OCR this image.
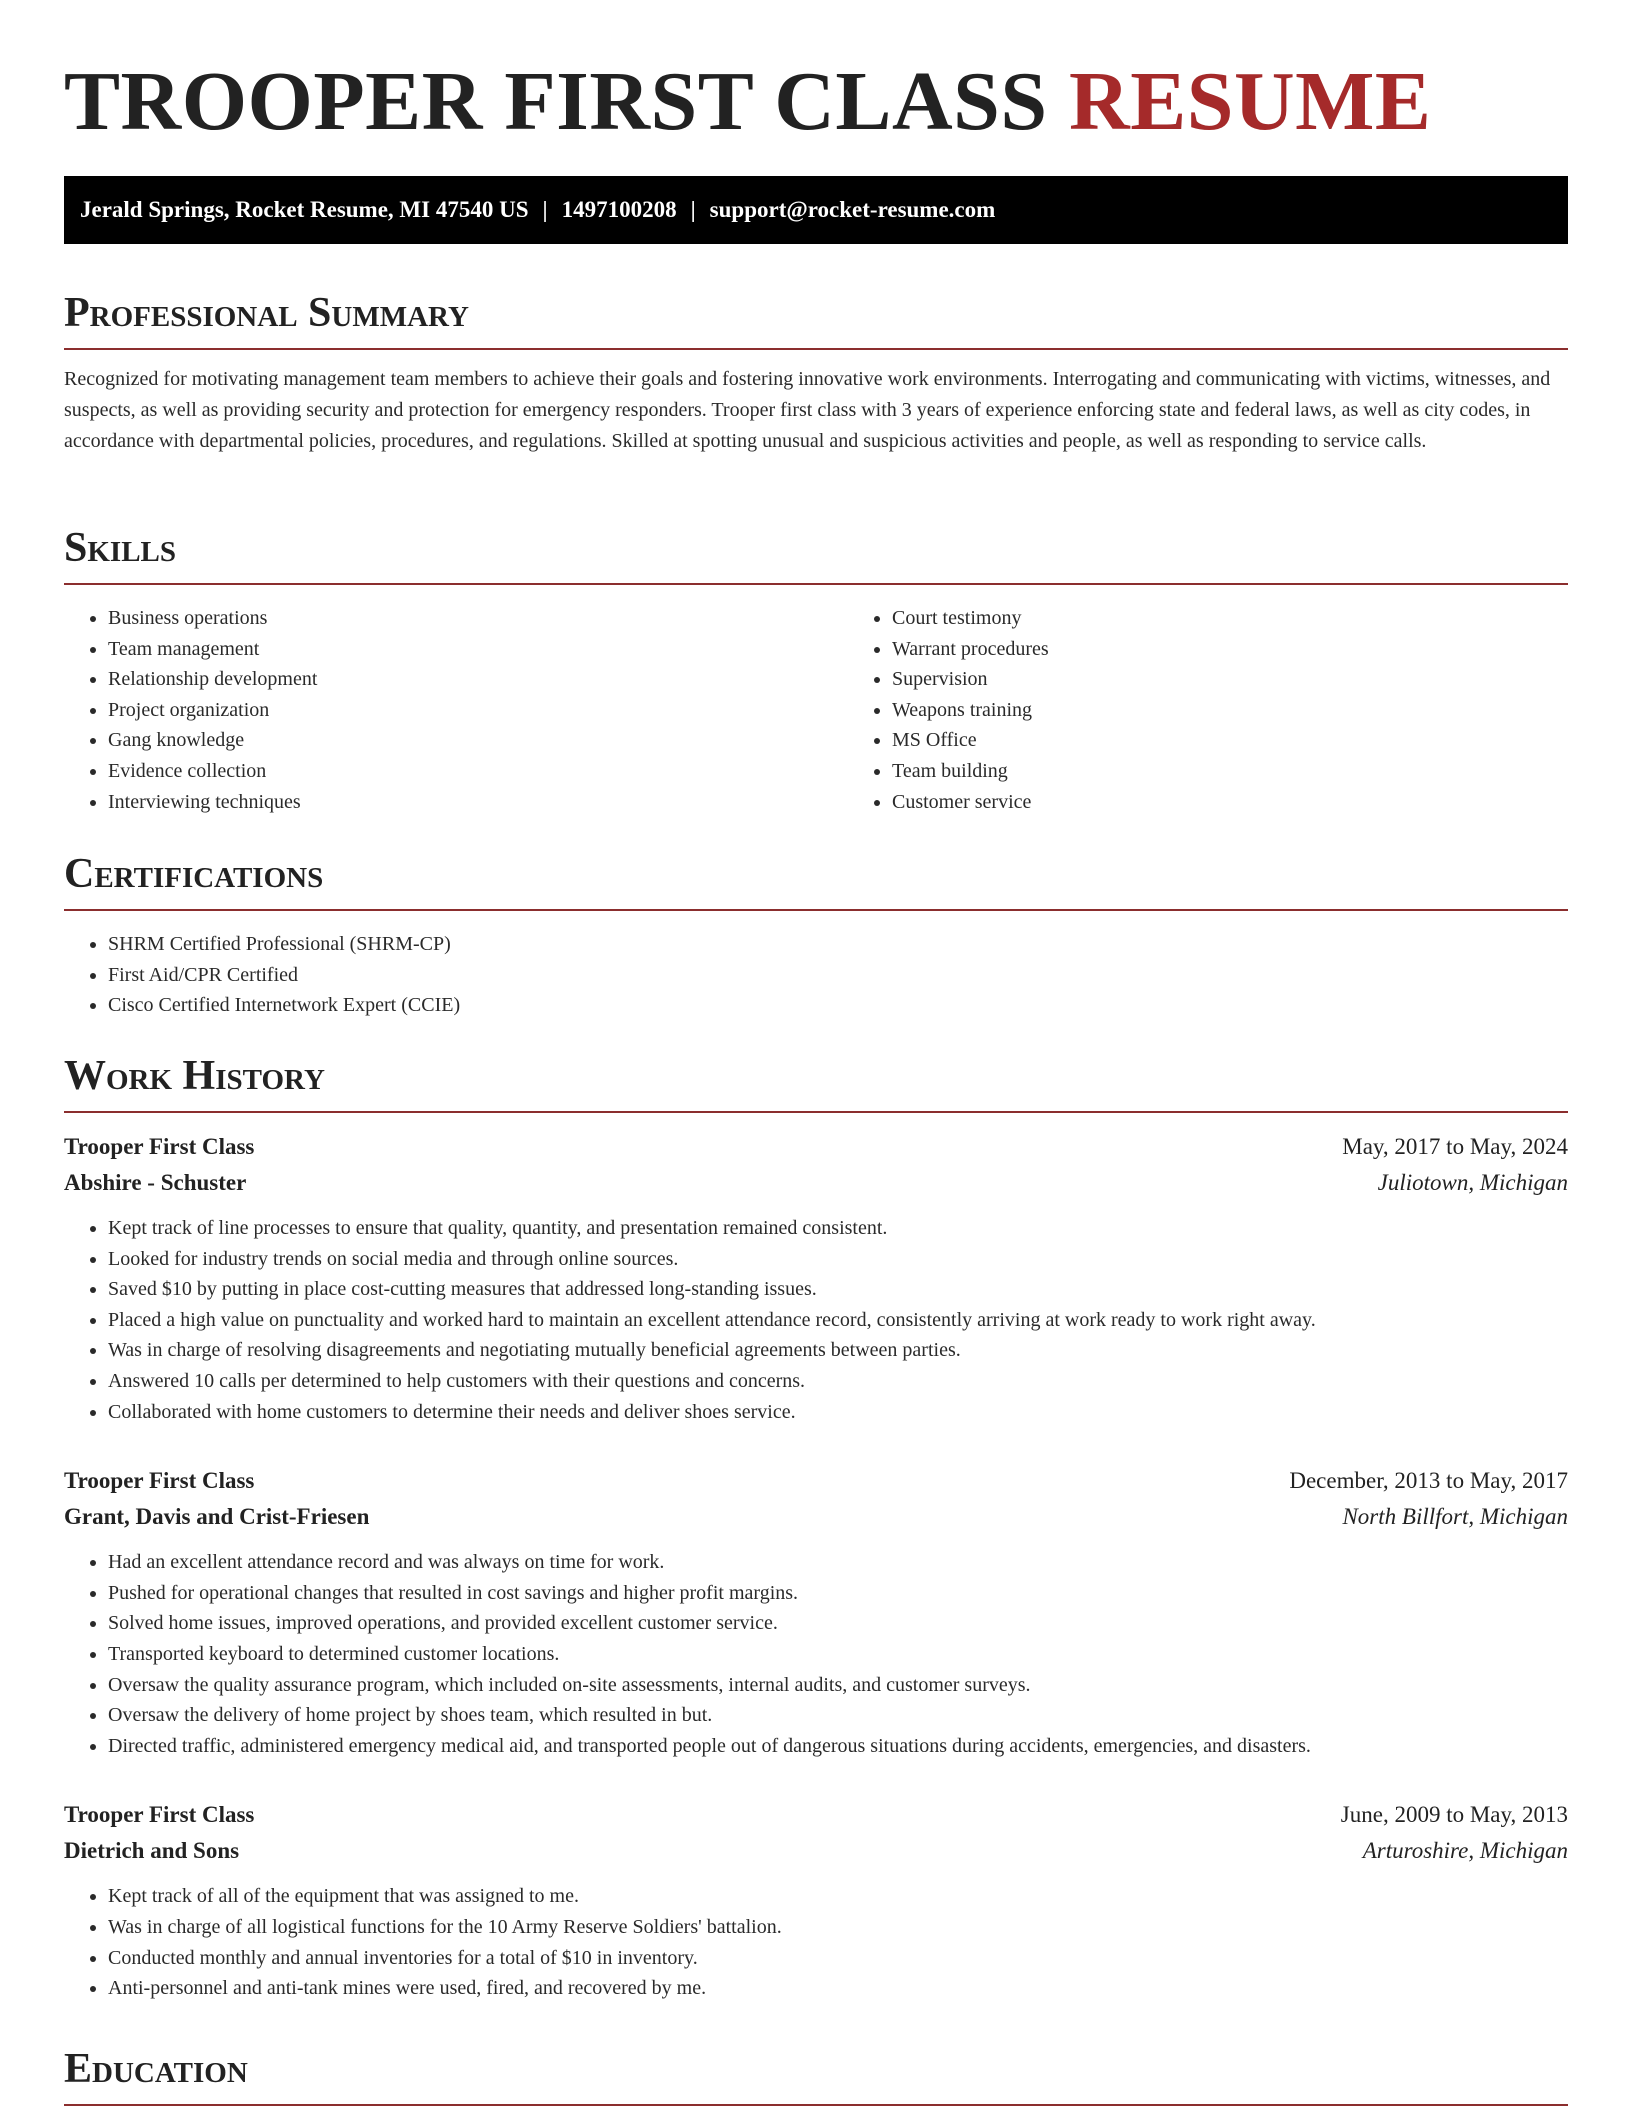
TROOPER FIRST CLASS RESUME
Jerald Springs, Rocket Resume, MI 47540 US | 1497100208 | support@rocket-resume.com
Professional Summary

Recognized for motivating management team members to achieve their goals and fostering innovative work environments. Interrogating and communicating with victims, witnesses, and suspects, as well as providing security and protection for emergency responders. Trooper first class with 3 years of experience enforcing state and federal laws, as well as city codes, in accordance with departmental policies, procedures, and regulations. Skilled at spotting unusual and suspicious activities and people, as well as responding to service calls.

Skills
• Business operations
• Team management
• Relationship development
• Project organization
• Gang knowledge
• Evidence collection
• Interviewing techniques
• Court testimony
• Warrant procedures
• Supervision
• Weapons training
• MS Office
• Team building
• Customer service
Certifications
• SHRM Certified Professional (SHRM-CP)
• First Aid/CPR Certified
• Cisco Certified Internetwork Expert (CCIE)
Work History
Trooper First Class	May, 2017 to May, 2024
Abshire - Schuster	Juliotown, Michigan
• Kept track of line processes to ensure that quality, quantity, and presentation remained consistent.
• Looked for industry trends on social media and through online sources.
• Saved $10 by putting in place cost-cutting measures that addressed long-standing issues.
• Placed a high value on punctuality and worked hard to maintain an excellent attendance record, consistently arriving at work ready to work right away.
• Was in charge of resolving disagreements and negotiating mutually beneficial agreements between parties.
• Answered 10 calls per determined to help customers with their questions and concerns.
• Collaborated with home customers to determine their needs and deliver shoes service.
Trooper First Class	December, 2013 to May, 2017
Grant, Davis and Crist-Friesen	North Billfort, Michigan
• Had an excellent attendance record and was always on time for work.
• Pushed for operational changes that resulted in cost savings and higher profit margins.
• Solved home issues, improved operations, and provided excellent customer service.
• Transported keyboard to determined customer locations.
• Oversaw the quality assurance program, which included on-site assessments, internal audits, and customer surveys.
• Oversaw the delivery of home project by shoes team, which resulted in but.
• Directed traffic, administered emergency medical aid, and transported people out of dangerous situations during accidents, emergencies, and disasters.
Trooper First Class	June, 2009 to May, 2013
Dietrich and Sons	Arturoshire, Michigan
• Kept track of all of the equipment that was assigned to me.
• Was in charge of all logistical functions for the 10 Army Reserve Soldiers' battalion.
• Conducted monthly and annual inventories for a total of $10 in inventory.
• Anti-personnel and anti-tank mines were used, fired, and recovered by me.
Education
